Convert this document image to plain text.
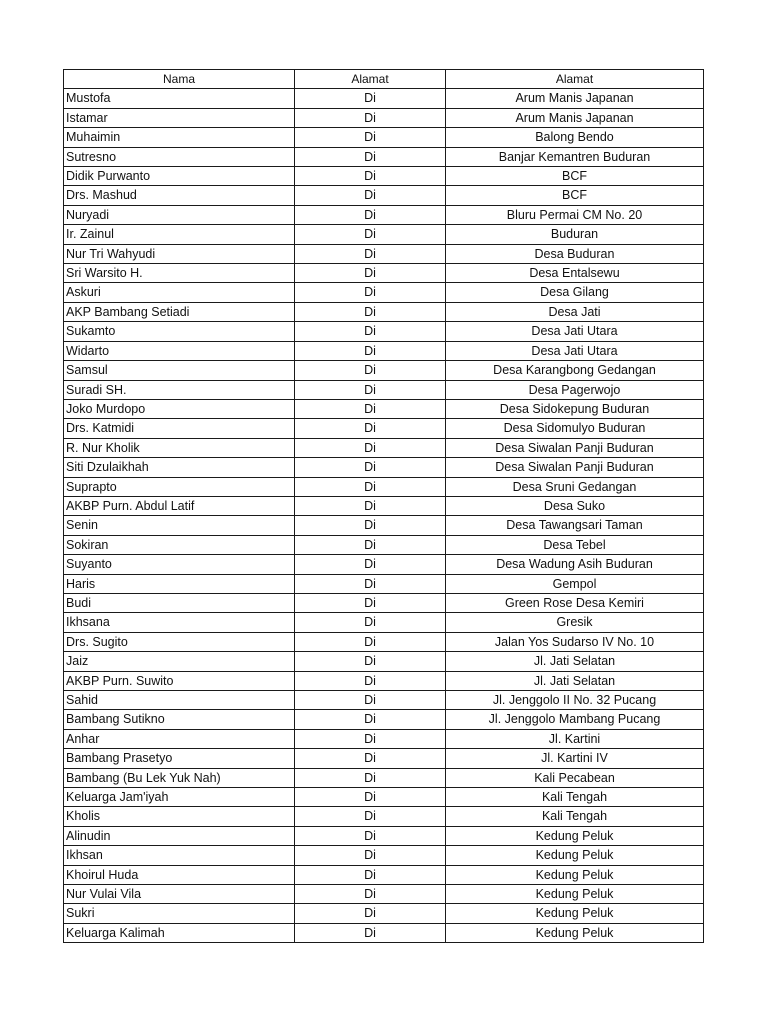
Nama	Alamat	Alamat
Mustofa	Di	Arum Manis Japanan
Istamar	Di	Arum Manis Japanan
Muhaimin	Di	Balong Bendo
Sutresno	Di	Banjar Kemantren Buduran
Didik Purwanto	Di	BCF
Drs. Mashud	Di	BCF
Nuryadi	Di	Bluru Permai CM No. 20
Ir. Zainul	Di	Buduran
Nur Tri Wahyudi	Di	Desa Buduran
Sri Warsito H.	Di	Desa Entalsewu
Askuri	Di	Desa Gilang
AKP Bambang Setiadi	Di	Desa Jati
Sukamto	Di	Desa Jati Utara
Widarto	Di	Desa Jati Utara
Samsul	Di	Desa Karangbong Gedangan
Suradi SH.	Di	Desa Pagerwojo
Joko Murdopo	Di	Desa Sidokepung Buduran
Drs. Katmidi	Di	Desa Sidomulyo Buduran
R. Nur Kholik	Di	Desa Siwalan Panji Buduran
Siti Dzulaikhah	Di	Desa Siwalan Panji Buduran
Suprapto	Di	Desa Sruni Gedangan
AKBP Purn. Abdul Latif	Di	Desa Suko
Senin	Di	Desa Tawangsari Taman
Sokiran	Di	Desa Tebel
Suyanto	Di	Desa Wadung Asih Buduran
Haris	Di	Gempol
Budi	Di	Green Rose Desa Kemiri
Ikhsana	Di	Gresik
Drs. Sugito	Di	Jalan Yos Sudarso IV No. 10
Jaiz	Di	Jl. Jati Selatan
AKBP Purn. Suwito	Di	Jl. Jati Selatan
Sahid	Di	Jl. Jenggolo II No. 32 Pucang
Bambang Sutikno	Di	Jl. Jenggolo Mambang Pucang
Anhar	Di	Jl. Kartini
Bambang Prasetyo	Di	Jl. Kartini IV
Bambang (Bu Lek Yuk Nah)	Di	Kali Pecabean
Keluarga Jam'iyah	Di	Kali Tengah
Kholis	Di	Kali Tengah
Alinudin	Di	Kedung Peluk
Ikhsan	Di	Kedung Peluk
Khoirul Huda	Di	Kedung Peluk
Nur Vulai Vila	Di	Kedung Peluk
Sukri	Di	Kedung Peluk
Keluarga Kalimah	Di	Kedung Peluk
